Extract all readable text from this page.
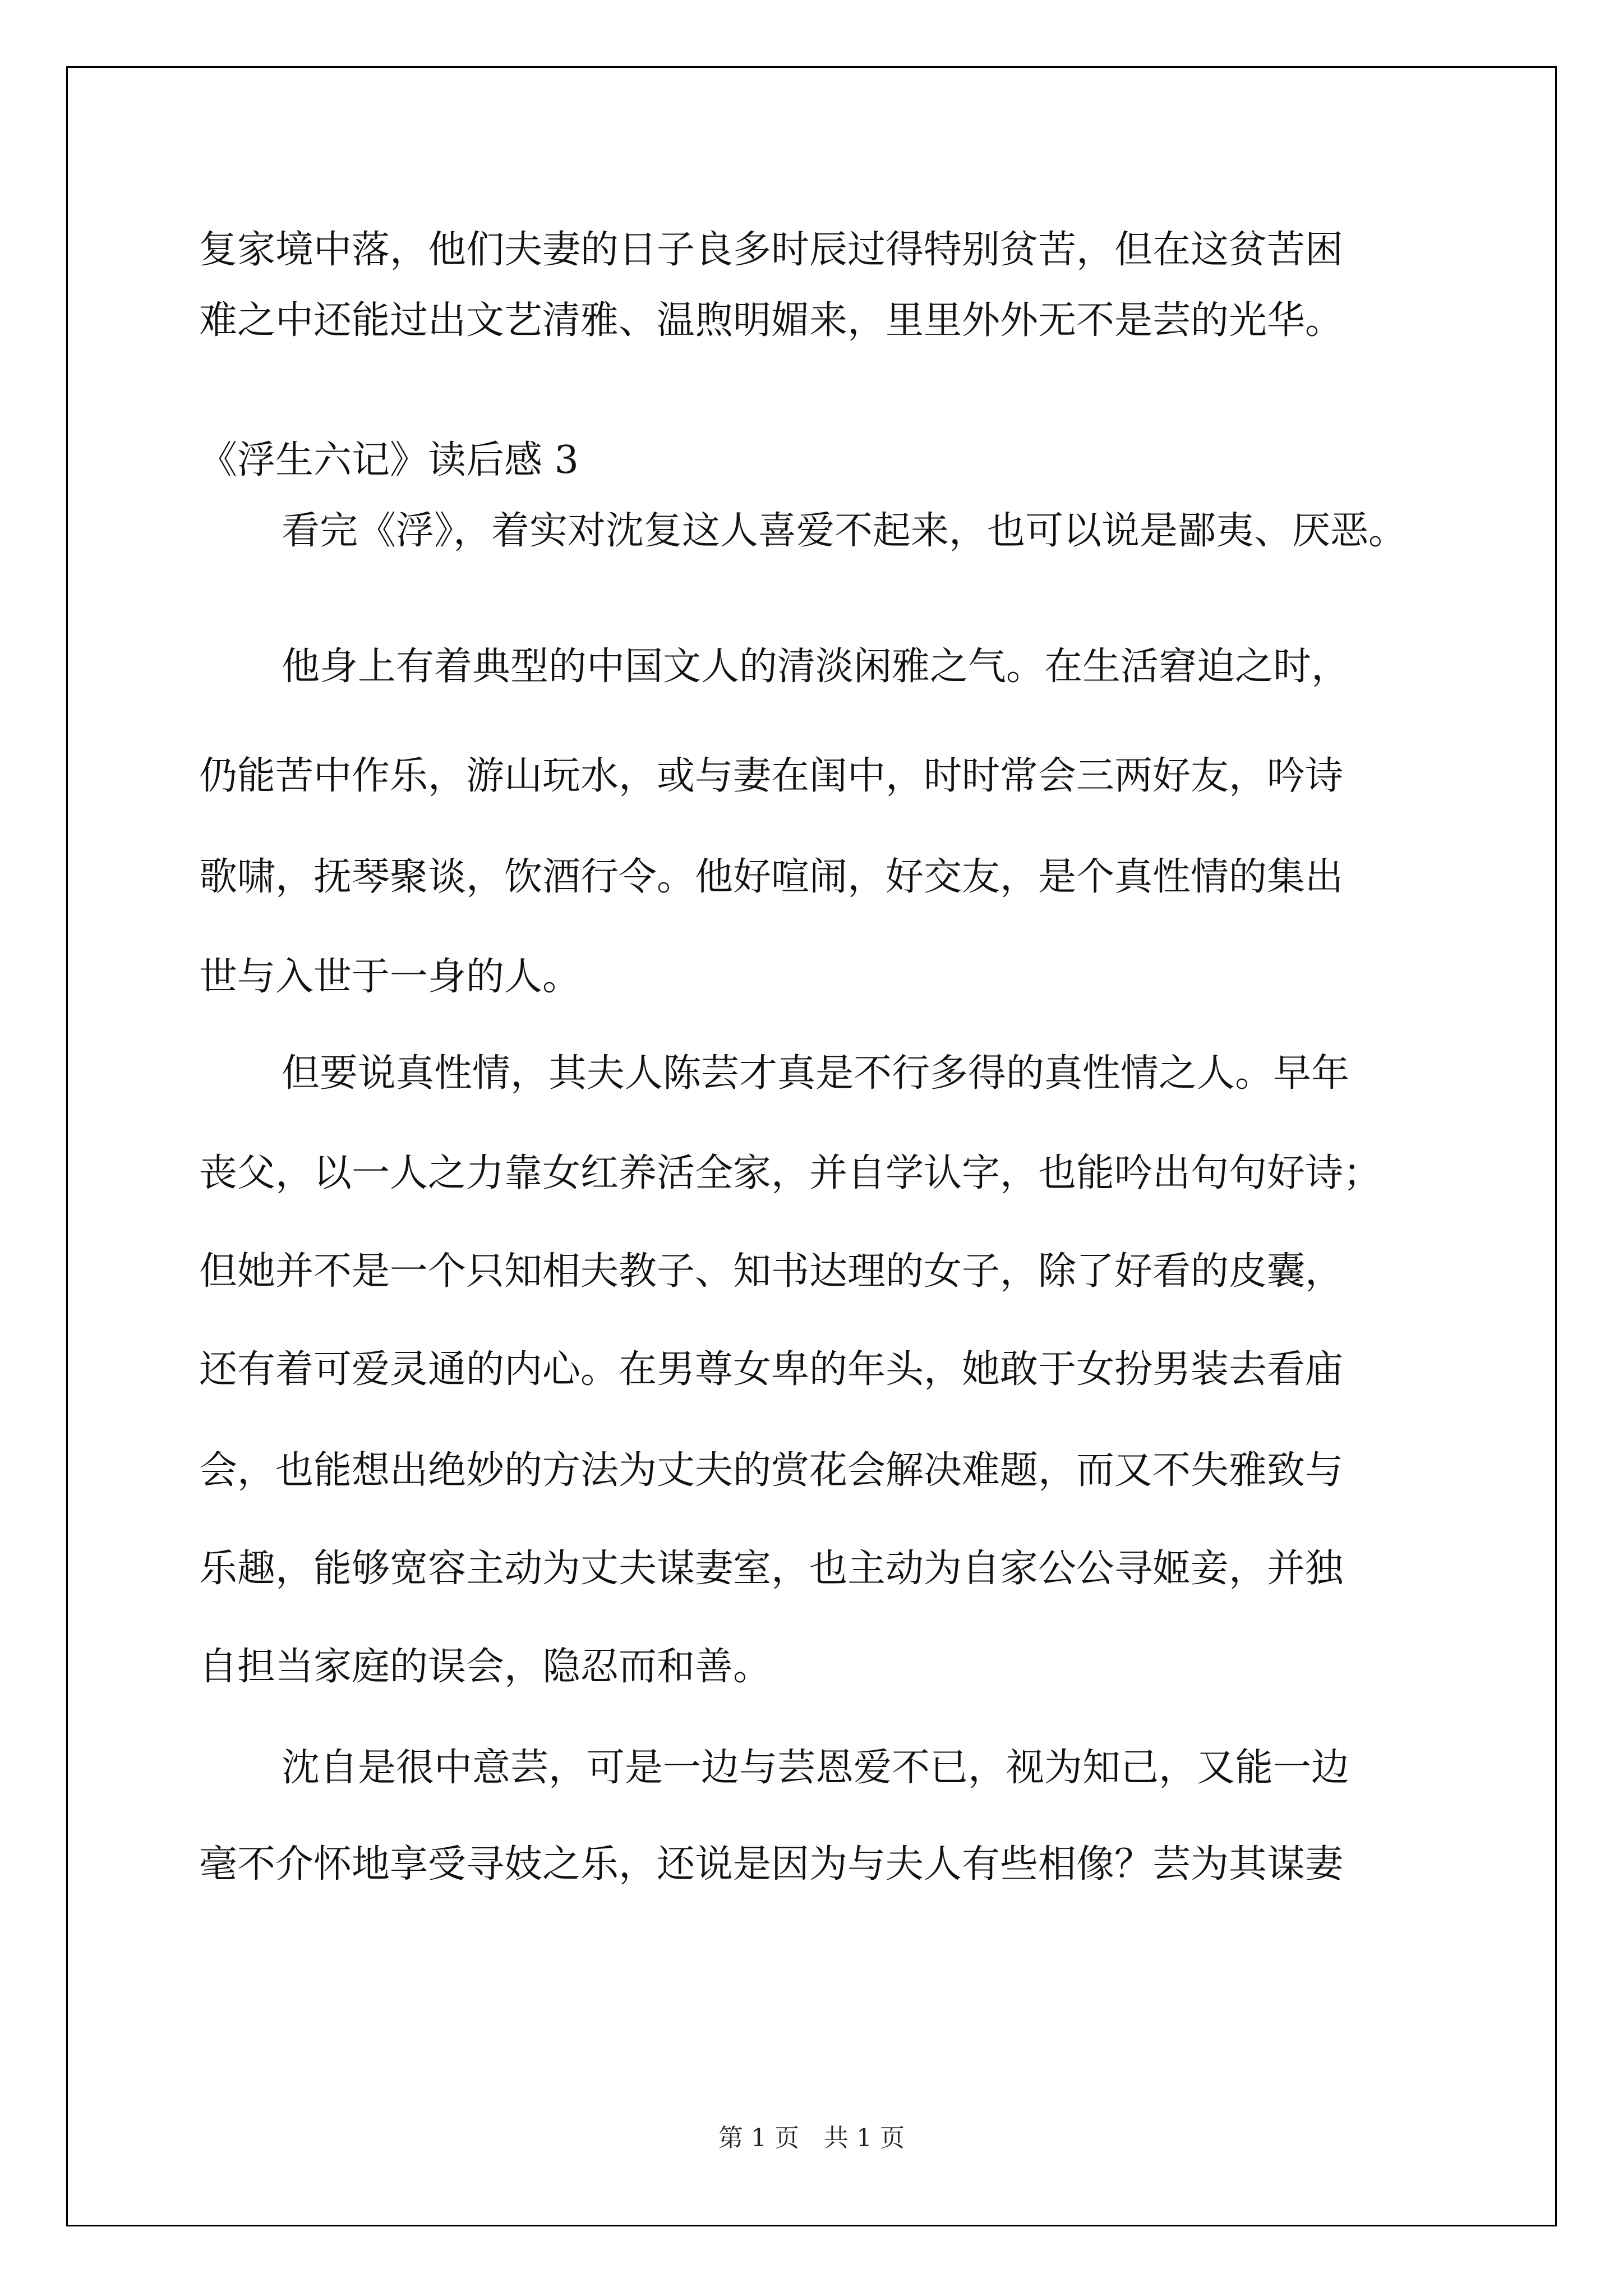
复家境中落，他们夫妻的日子良多时辰过得特别贫苦，但在这贫苦困

难之中还能过出文艺清雅、温煦明媚来，里里外外无不是芸的光华。

《浮生六记》读后感 3

看完《浮》，着实对沈复这人喜爱不起来，也可以说是鄙夷、厌恶。

他身上有着典型的中国文人的清淡闲雅之气。在生活窘迫之时，

仍能苦中作乐，游山玩水，或与妻在闺中，时时常会三两好友，吟诗

歌啸，抚琴聚谈，饮酒行令。他好喧闹，好交友，是个真性情的集出

世与入世于一身的人。

但要说真性情，其夫人陈芸才真是不行多得的真性情之人。早年

丧父，以一人之力靠女红养活全家，并自学认字，也能吟出句句好诗；

但她并不是一个只知相夫教子、知书达理的女子，除了好看的皮囊，

还有着可爱灵通的内心。在男尊女卑的年头，她敢于女扮男装去看庙

会，也能想出绝妙的方法为丈夫的赏花会解决难题，而又不失雅致与

乐趣，能够宽容主动为丈夫谋妻室，也主动为自家公公寻姬妾，并独

自担当家庭的误会，隐忍而和善。

沈自是很中意芸，可是一边与芸恩爱不已，视为知己，又能一边

毫不介怀地享受寻妓之乐，还说是因为与夫人有些相像？芸为其谋妻

第 1 页　共 1 页
